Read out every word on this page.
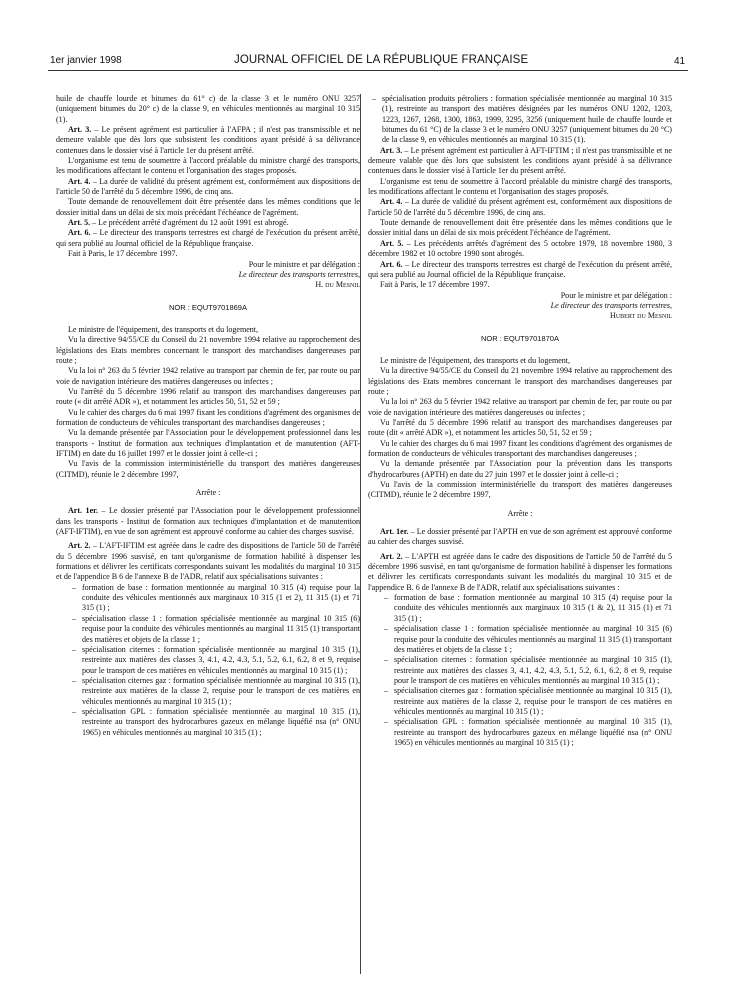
1er janvier 1998	JOURNAL OFFICIEL DE LA RÉPUBLIQUE FRANÇAISE	41

huile de chauffe lourde et bitumes du 61° c) de la classe 3 et le numéro ONU 3257 (uniquement bitumes du 20° c) de la classe 9, en véhicules mentionnés au marginal 10 315 (1).

Art. 3. – Le présent agrément est particulier à l'AFPA ; il n'est pas transmissible et ne demeure valable que dès lors que subsistent les conditions ayant présidé à sa délivrance contenues dans le dossier visé à l'article 1er du présent arrêté.

L'organisme est tenu de soumettre à l'accord préalable du ministre chargé des transports, les modifications affectant le contenu et l'organisation des stages proposés.

Art. 4. – La durée de validité du présent agrément est, conformément aux dispositions de l'article 50 de l'arrêté du 5 décembre 1996, de cinq ans.

Toute demande de renouvellement doit être présentée dans les mêmes conditions que le dossier initial dans un délai de six mois précédant l'échéance de l'agrément.

Art. 5. – Le précédent arrêté d'agrément du 12 août 1991 est abrogé.

Art. 6. – Le directeur des transports terrestres est chargé de l'exécution du présent arrêté, qui sera publié au Journal officiel de la République française.

Fait à Paris, le 17 décembre 1997.

Pour le ministre et par délégation :

Le directeur des transports terrestres,

H. du Mesnil

NOR : EQUT9701869A

Le ministre de l'équipement, des transports et du logement,

Vu la directive 94/55/CE du Conseil du 21 novembre 1994 relative au rapprochement des législations des Etats membres concernant le transport des marchandises dangereuses par route ;

Vu la loi n° 263 du 5 février 1942 relative au transport par chemin de fer, par route ou par voie de navigation intérieure des matières dangereuses ou infectes ;

Vu l'arrêté du 5 décembre 1996 relatif au transport des marchandises dangereuses par route (« dit arrêté ADR »), et notamment les articles 50, 51, 52 et 59 ;

Vu le cahier des charges du 6 mai 1997 fixant les conditions d'agrément des organismes de formation de conducteurs de véhicules transportant des marchandises dangereuses ;

Vu la demande présentée par l'Association pour le développement professionnel dans les transports - Institut de formation aux techniques d'implantation et de manutention (AFT-IFTIM) en date du 16 juillet 1997 et le dossier joint à celle-ci ;

Vu l'avis de la commission interministérielle du transport des matières dangereuses (CITMD), réunie le 2 décembre 1997,

Arrête :

Art. 1er. – Le dossier présenté par l'Association pour le développement professionnel dans les transports - Institut de formation aux techniques d'implantation et de manutention (AFT-IFTIM), en vue de son agrément est approuvé conforme au cahier des charges susvisé.

Art. 2. – L'AFT-IFTIM est agréée dans le cadre des dispositions de l'article 50 de l'arrêté du 5 décembre 1996 susvisé, en tant qu'organisme de formation habilité à dispenser les formations et délivrer les certificats correspondants suivant les modalités du marginal 10 315 et de l'appendice B 6 de l'annexe B de l'ADR, relatif aux spécialisations suivantes :

– formation de base : formation mentionnée au marginal 10 315 (4) requise pour la conduite des véhicules mentionnés aux marginaux 10 315 (1 et 2), 11 315 (1) et 71 315 (1) ;
– spécialisation classe 1 : formation spécialisée mentionnée au marginal 10 315 (6) requise pour la conduite des véhicules mentionnés au marginal 11 315 (1) transportant des matières et objets de la classe 1 ;
– spécialisation citernes : formation spécialisée mentionnée au marginal 10 315 (1), restreinte aux matières des classes 3, 4.1, 4.2, 4.3, 5.1, 5.2, 6.1, 6.2, 8 et 9, requise pour le transport de ces matières en véhicules mentionnés au marginal 10 315 (1) ;
– spécialisation citernes gaz : formation spécialisée mentionnée au marginal 10 315 (1), restreinte aux matières de la classe 2, requise pour le transport de ces matières en véhicules mentionnés au marginal 10 315 (1) ;
– spécialisation GPL : formation spécialisée mentionnée au marginal 10 315 (1), restreinte au transport des hydrocarbures gazeux en mélange liquéfié nsa (n° ONU 1965) en véhicules mentionnés au marginal 10 315 (1) ;
– spécialisation produits pétroliers : formation spécialisée mentionnée au marginal 10 315 (1), restreinte au transport des matières désignées par les numéros ONU 1202, 1203, 1223, 1267, 1268, 1300, 1863, 1999, 3295, 3256 (uniquement huile de chauffe lourde et bitumes du 61 °C) de la classe 3 et le numéro ONU 3257 (uniquement bitumes du 20 °C) de la classe 9, en véhicules mentionnés au marginal 10 315 (1).

Art. 3. – Le présent agrément est particulier à AFT-IFTIM ; il n'est pas transmissible et ne demeure valable que dès lors que subsistent les conditions ayant présidé à sa délivrance contenues dans le dossier visé à l'article 1er du présent arrêté.

L'organisme est tenu de soumettre à l'accord préalable du ministre chargé des transports, les modifications affectant le contenu et l'organisation des stages proposés.

Art. 4. – La durée de validité du présent agrément est, conformément aux dispositions de l'article 50 de l'arrêté du 5 décembre 1996, de cinq ans.

Toute demande de renouvellement doit être présentée dans les mêmes conditions que le dossier initial dans un délai de six mois précédent l'échéance de l'agrément.

Art. 5. – Les précédents arrêtés d'agrément des 5 octobre 1979, 18 novembre 1980, 3 décembre 1982 et 10 octobre 1990 sont abrogés.

Art. 6. – Le directeur des transports terrestres est chargé de l'exécution du présent arrêté, qui sera publié au Journal officiel de la République française.

Fait à Paris, le 17 décembre 1997.

Pour le ministre et par délégation :

Le directeur des transports terrestres,

Hubert du Mesnil

NOR : EQUT9701870A

Le ministre de l'équipement, des transports et du logement,

Vu la directive 94/55/CE du Conseil du 21 novembre 1994 relative au rapprochement des législations des Etats membres concernant le transport des marchandises dangereuses par route ;

Vu la loi n° 263 du 5 février 1942 relative au transport par chemin de fer, par route ou par voie de navigation intérieure des matières dangereuses ou infectes ;

Vu l'arrêté du 5 décembre 1996 relatif au transport des marchandises dangereuses par route (dit « arrêté ADR »), et notamment les articles 50, 51, 52 et 59 ;

Vu le cahier des charges du 6 mai 1997 fixant les conditions d'agrément des organismes de formation de conducteurs de véhicules transportant des marchandises dangereuses ;

Vu la demande présentée par l'Association pour la prévention dans les transports d'hydrocarbures (APTH) en date du 27 juin 1997 et le dossier joint à celle-ci ;

Vu l'avis de la commission interministérielle du transport des matières dangereuses (CITMD), réunie le 2 décembre 1997,

Arrête :

Art. 1er. – Le dossier présenté par l'APTH en vue de son agrément est approuvé conforme au cahier des charges susvisé.

Art. 2. – L'APTH est agréée dans le cadre des dispositions de l'article 50 de l'arrêté du 5 décembre 1996 susvisé, en tant qu'organisme de formation habilité à dispenser les formations et délivrer les certificats correspondants suivant les modalités du marginal 10 315 et de l'appendice B. 6 de l'annexe B de l'ADR, relatif aux spécialisations suivantes :

– formation de base : formation mentionnée au marginal 10 315 (4) requise pour la conduite des véhicules mentionnés aux marginaux 10 315 (1 & 2), 11 315 (1) et 71 315 (1) ;
– spécialisation classe 1 : formation spécialisée mentionnée au marginal 10 315 (6) requise pour la conduite des véhicules mentionnés au marginal 11 315 (1) transportant des matières et objets de la classe 1 ;
– spécialisation citernes : formation spécialisée mentionnée au marginal 10 315 (1), restreinte aux matières des classes 3, 4.1, 4.2, 4.3, 5.1, 5.2, 6.1, 6.2, 8 et 9, requise pour le transport de ces matières en véhicules mentionnés au marginal 10 315 (1) ;
– spécialisation citernes gaz : formation spécialisée mentionnée au marginal 10 315 (1), restreinte aux matières de la classe 2, requise pour le transport de ces matières en véhicules mentionnés au marginal 10 315 (1) ;
– spécialisation GPL : formation spécialisée mentionnée au marginal 10 315 (1), restreinte au transport des hydrocarbures gazeux en mélange liquéfié nsa (n° ONU 1965) en véhicules mentionnés au marginal 10 315 (1) ;
